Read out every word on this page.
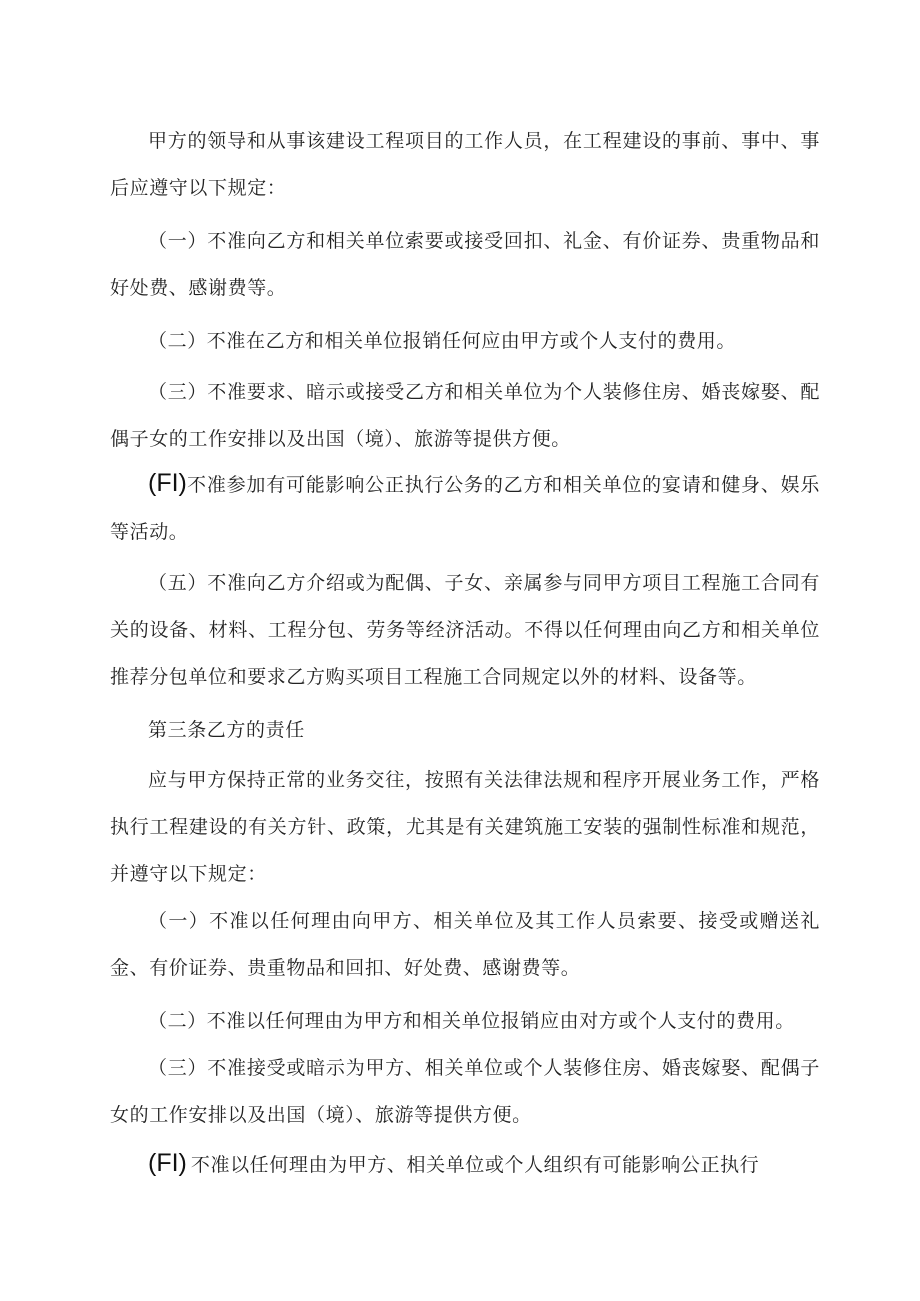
甲方的领导和从事该建设工程项目的工作人员，在工程建设的事前、事中、事后应遵守以下规定：

（一）不准向乙方和相关单位索要或接受回扣、礼金、有价证券、贵重物品和好处费、感谢费等。

（二）不准在乙方和相关单位报销任何应由甲方或个人支付的费用。

（三）不准要求、暗示或接受乙方和相关单位为个人装修住房、婚丧嫁娶、配偶子女的工作安排以及出国（境）、旅游等提供方便。

(FI)不准参加有可能影响公正执行公务的乙方和相关单位的宴请和健身、娱乐等活动。

（五）不准向乙方介绍或为配偶、子女、亲属参与同甲方项目工程施工合同有关的设备、材料、工程分包、劳务等经济活动。不得以任何理由向乙方和相关单位推荐分包单位和要求乙方购买项目工程施工合同规定以外的材料、设备等。

第三条乙方的责任

应与甲方保持正常的业务交往，按照有关法律法规和程序开展业务工作，严格执行工程建设的有关方针、政策，尤其是有关建筑施工安装的强制性标准和规范，并遵守以下规定：

（一）不准以任何理由向甲方、相关单位及其工作人员索要、接受或赠送礼金、有价证券、贵重物品和回扣、好处费、感谢费等。

（二）不准以任何理由为甲方和相关单位报销应由对方或个人支付的费用。

（三）不准接受或暗示为甲方、相关单位或个人装修住房、婚丧嫁娶、配偶子女的工作安排以及出国（境）、旅游等提供方便。

(FI) 不准以任何理由为甲方、相关单位或个人组织有可能影响公正执行
